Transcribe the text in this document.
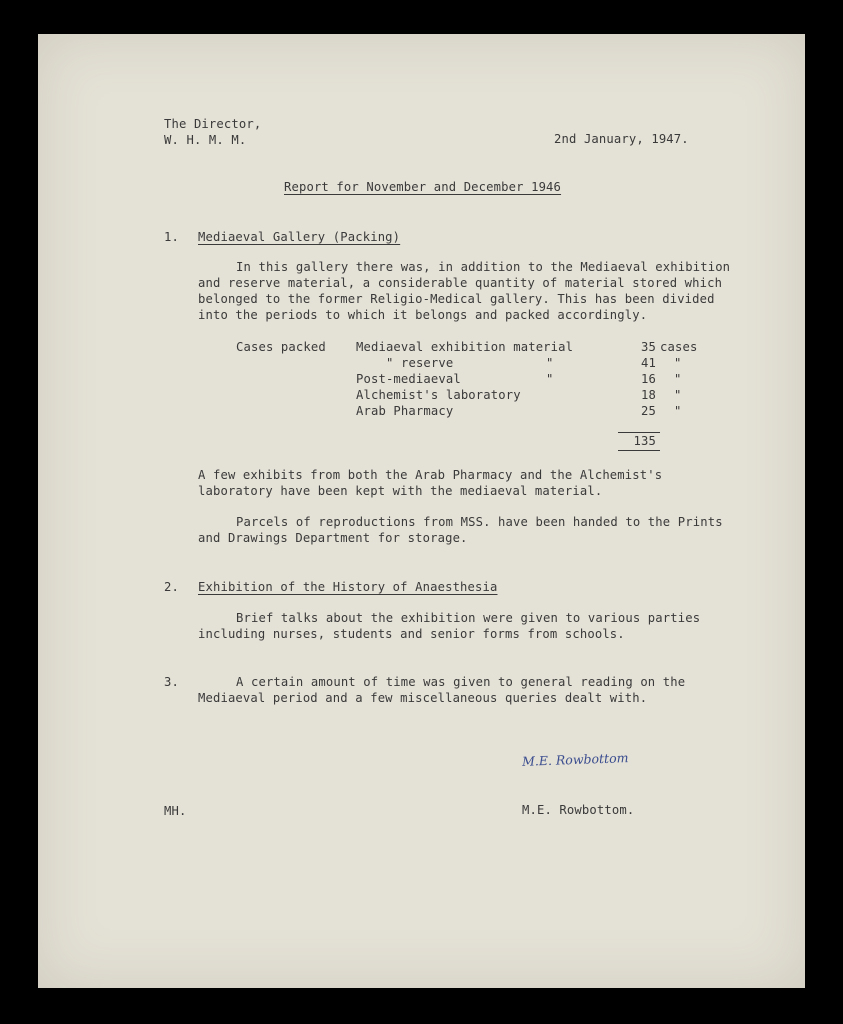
The Director,
W. H. M. M.	2nd January, 1947.
Report for November and December 1946
1. Mediaeval Gallery (Packing)
In this gallery there was, in addition to the Mediaeval exhibition
and reserve material, a considerable quantity of material stored which
belonged to the former Religio-Medical gallery. This has been divided
into the periods to which it belongs and packed accordingly.
Cases packed Mediaeval exhibition material	35 cases
" reserve	"	41 "
Post-mediaeval	"	16 "
Alchemist's laboratory	18 "
Arab Pharmacy	25 "
135
A few exhibits from both the Arab Pharmacy and the Alchemist's
laboratory have been kept with the mediaeval material.
Parcels of reproductions from MSS. have been handed to the Prints
and Drawings Department for storage.
2. Exhibition of the History of Anaesthesia
Brief talks about the exhibition were given to various parties
including nurses, students and senior forms from schools.
3.	A certain amount of time was given to general reading on the
Mediaeval period and a few miscellaneous queries dealt with.
M.E. Rowbottom
MH.	M.E. Rowbottom.
